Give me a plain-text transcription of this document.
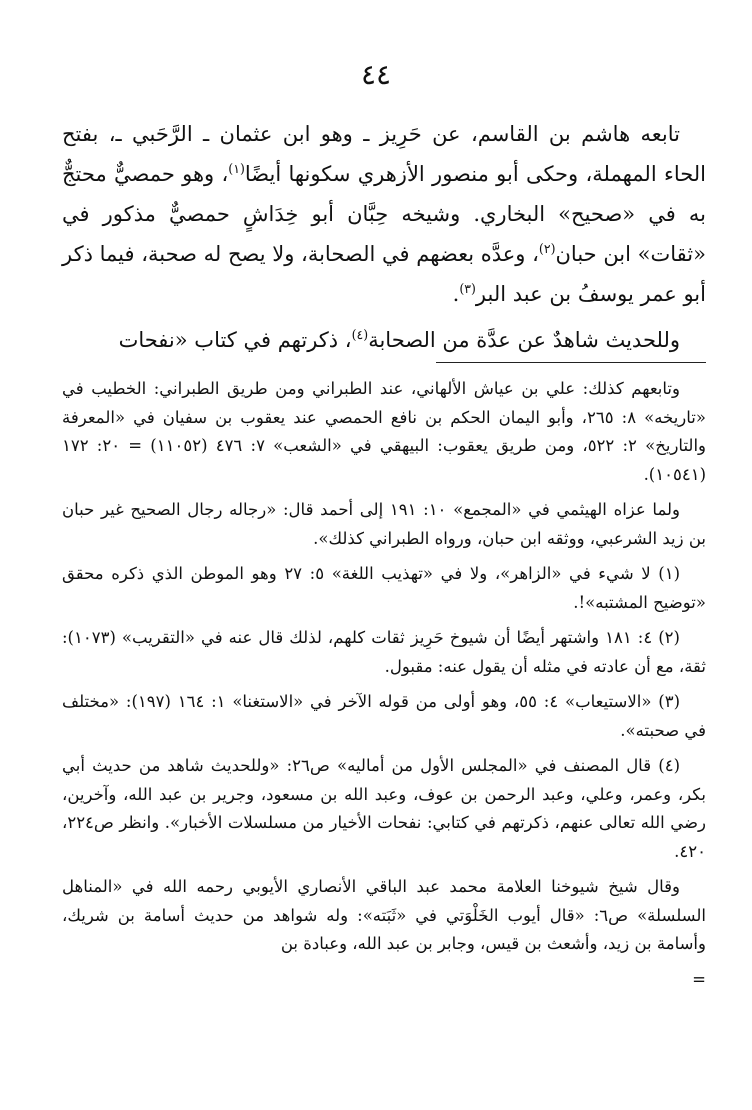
٤٤

تابعه هاشم بن القاسم، عن حَرِيز ـ وهو ابن عثمان ـ الرَّحَبي ـ، بفتح الحاء المهملة، وحكى أبو منصور الأزهري سكونها أيضًا$^{(١)}$، وهو حمصيٌّ محتجٌّ به في «صحيح» البخاري. وشيخه حِبَّان أبو خِدَاشٍ حمصيٌّ مذكور في «ثقات» ابن حبان$^{(٢)}$، وعدَّه بعضهم في الصحابة، ولا يصح له صحبة، فيما ذكر أبو عمر يوسفُ بن عبد البر$^{(٣)}$.

وللحديث شاهدٌ عن عدَّة من الصحابة$^{(٤)}$، ذكرتهم في كتاب «نفحات

وتابعهم كذلك: علي بن عياش الألهاني، عند الطبراني ومن طريق الطبراني: الخطيب في «تاريخه» ٨: ٢٦٥، وأبو اليمان الحكم بن نافع الحمصي عند يعقوب بن سفيان في «المعرفة والتاريخ» ٢: ٥٢٢، ومن طريق يعقوب: البيهقي في «الشعب» ٧: ٤٧٦ (١١٠٥٢) = ٢٠: ١٧٢ (١٠٥٤١).

ولما عزاه الهيثمي في «المجمع» ١٠: ١٩١ إلى أحمد قال: «رجاله رجال الصحيح غير حبان بن زيد الشرعبي، ووثقه ابن حبان، ورواه الطبراني كذلك».

(١) لا شيء في «الزاهر»، ولا في «تهذيب اللغة» ٥: ٢٧ وهو الموطن الذي ذكره محقق «توضيح المشتبه»!.

(٢) ٤: ١٨١ واشتهر أيضًا أن شيوخ حَرِيز ثقات كلهم، لذلك قال عنه في «التقريب» (١٠٧٣): ثقة، مع أن عادته في مثله أن يقول عنه: مقبول.

(٣) «الاستيعاب» ٤: ٥٥، وهو أولى من قوله الآخر في «الاستغنا» ١: ١٦٤ (١٩٧): «مختلف في صحبته».

(٤) قال المصنف في «المجلس الأول من أماليه» ص٢٦: «وللحديث شاهد من حديث أبي بكر، وعمر، وعلي، وعبد الرحمن بن عوف، وعبد الله بن مسعود، وجرير بن عبد الله، وآخرين، رضي الله تعالى عنهم، ذكرتهم في كتابي: نفحات الأخيار من مسلسلات الأخبار». وانظر ص٢٢٤، ٤٢٠.

وقال شيخ شيوخنا العلامة محمد عبد الباقي الأنصاري الأيوبي رحمه الله في «المناهل السلسلة» ص٦: «قال أيوب الخَلْوَتي في «ثَبَته»: وله شواهد من حديث أسامة بن شريك، وأسامة بن زيد، وأشعث بن قيس، وجابر بن عبد الله، وعبادة بن

=
